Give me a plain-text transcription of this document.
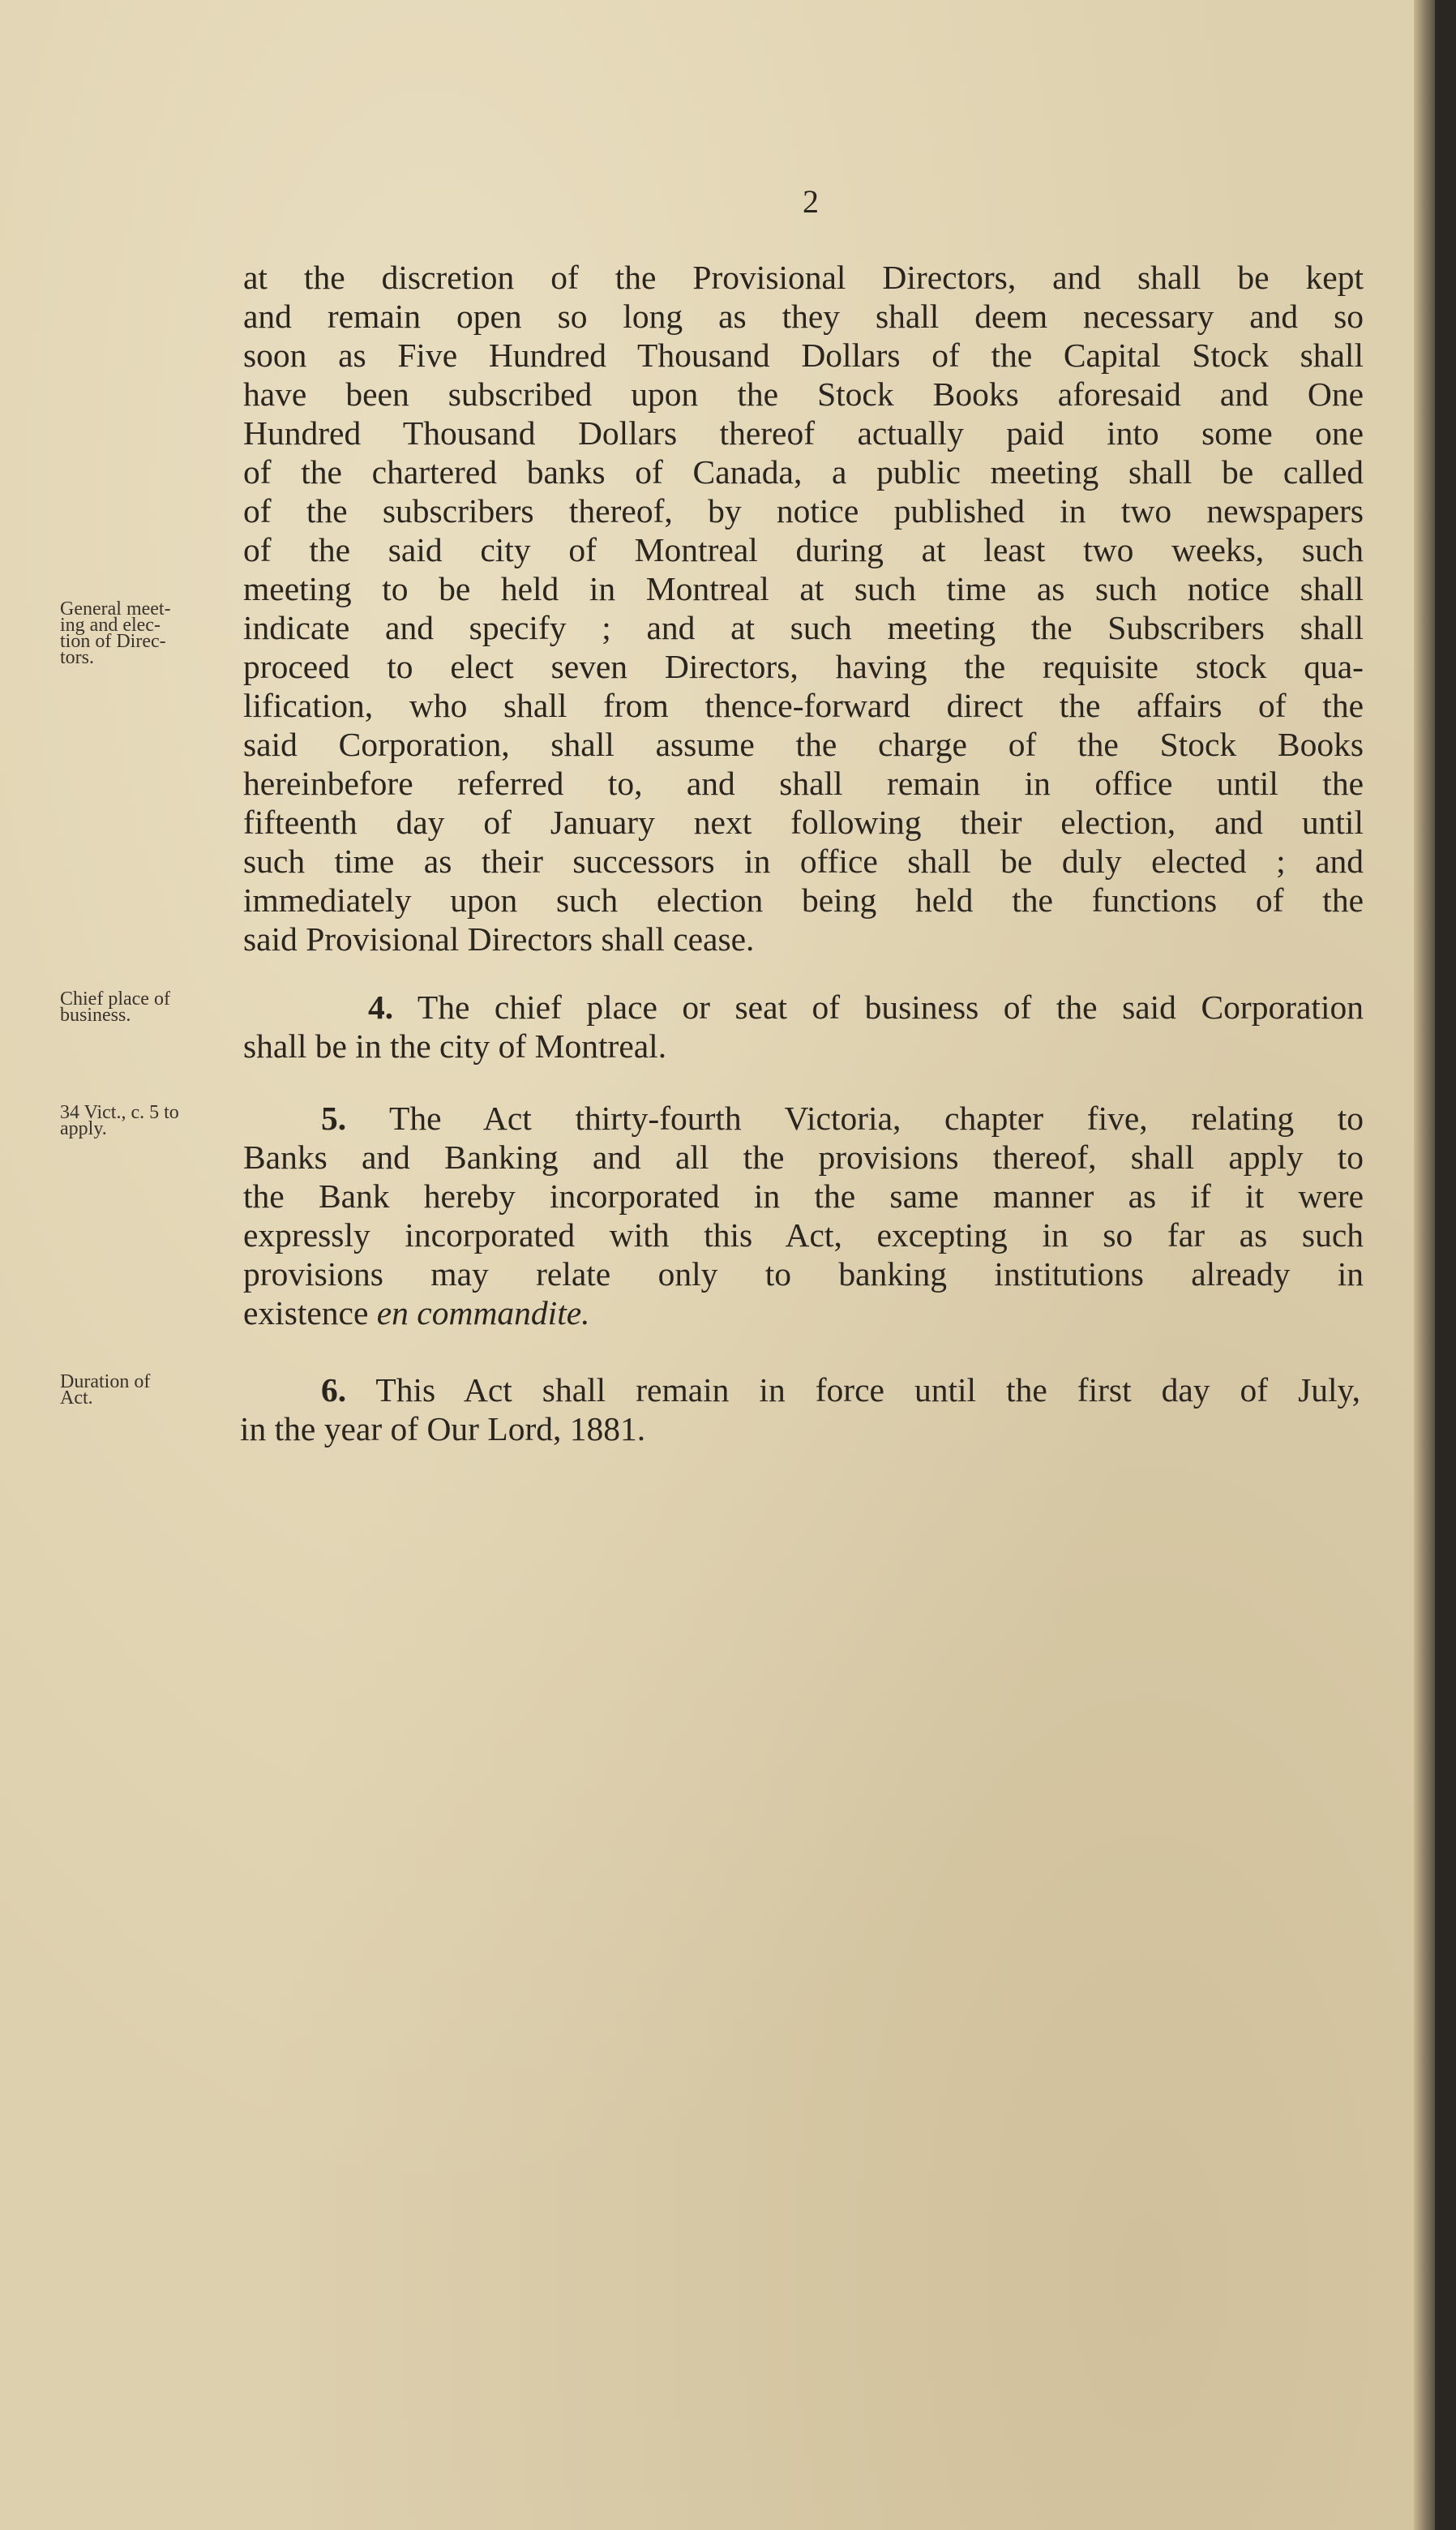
2
at the discretion of the Provisional Directors, and shall be kept
and remain open so long as they shall deem necessary and so
soon as Five Hundred Thousand Dollars of the Capital Stock shall
have been subscribed upon the Stock Books aforesaid and One
Hundred Thousand Dollars thereof actually paid into some one
of the chartered banks of Canada, a public meeting shall be called
of the subscribers thereof, by notice published in two newspapers
of the said city of Montreal during at least two weeks, such
meeting to be held in Montreal at such time as such notice shall
indicate and specify ; and at such meeting the Subscribers shall
proceed to elect seven Directors, having the requisite stock qua-
lification, who shall from thence-forward direct the affairs of the
said Corporation, shall assume the charge of the Stock Books
hereinbefore referred to, and shall remain in office until the
fifteenth day of January next following their election, and until
such time as their successors in office shall be duly elected ; and
immediately upon such election being held the functions of the
said Provisional Directors shall cease.
General meet-
ing and elec-
tion of Direc-
tors.
4. The chief place or seat of business of the said Corporation
shall be in the city of Montreal.
Chief place of
business.
5. The Act thirty-fourth Victoria, chapter five, relating to
Banks and Banking and all the provisions thereof, shall apply to
the Bank hereby incorporated in the same manner as if it were
expressly incorporated with this Act, excepting in so far as such
provisions may relate only to banking institutions already in
existence en commandite.
34 Vict., c. 5 to
apply.
6. This Act shall remain in force until the first day of July,
in the year of Our Lord, 1881.
Duration of
Act.
